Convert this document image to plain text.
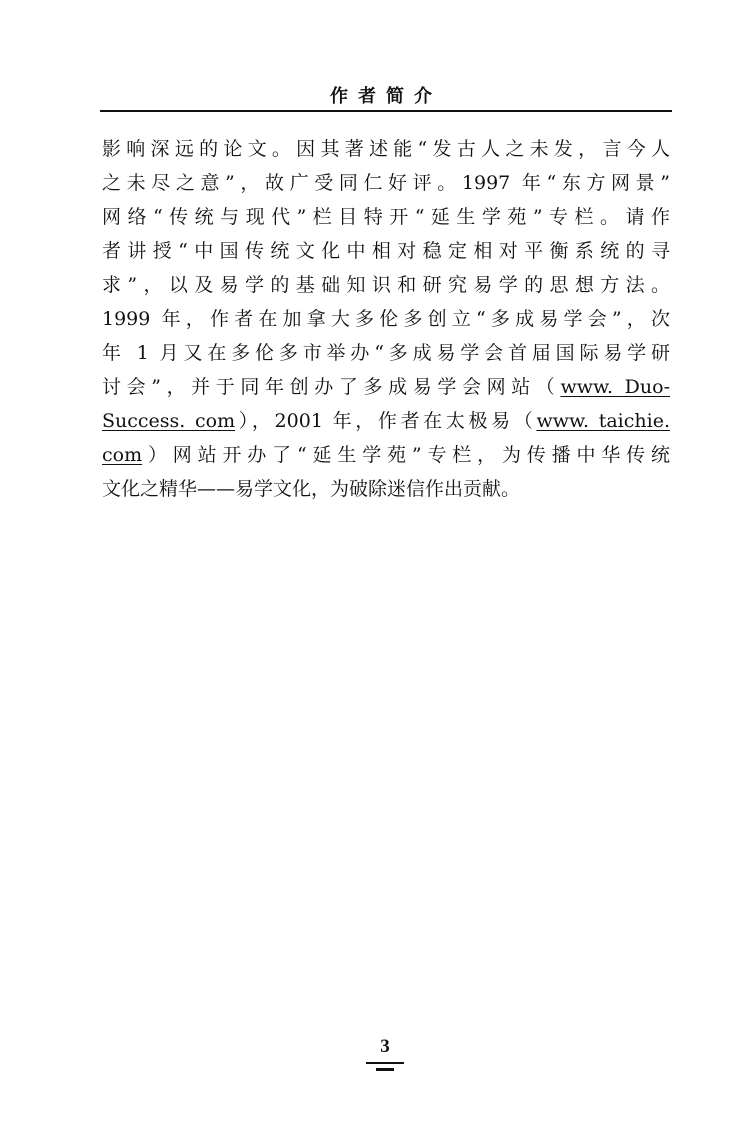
作者简介
影响深远的论文。因其著述能“发古人之未发，言今人
之未尽之意”，故广受同仁好评。1997 年“东方网景”
网络“传统与现代”栏目特开“延生学苑”专栏。请作
者讲授“中国传统文化中相对稳定相对平衡系统的寻
求”，以及易学的基础知识和研究易学的思想方法。
1999 年，作者在加拿大多伦多创立“多成易学会”，次
年 1 月又在多伦多市举办“多成易学会首届国际易学研
讨会”，并于同年创办了多成易学会网站（www. Duo-
Success. com），2001 年，作者在太极易（www. taichie.
com）网站开办了“延生学苑”专栏，为传播中华传统
文化之精华——易学文化，为破除迷信作出贡献。
3
